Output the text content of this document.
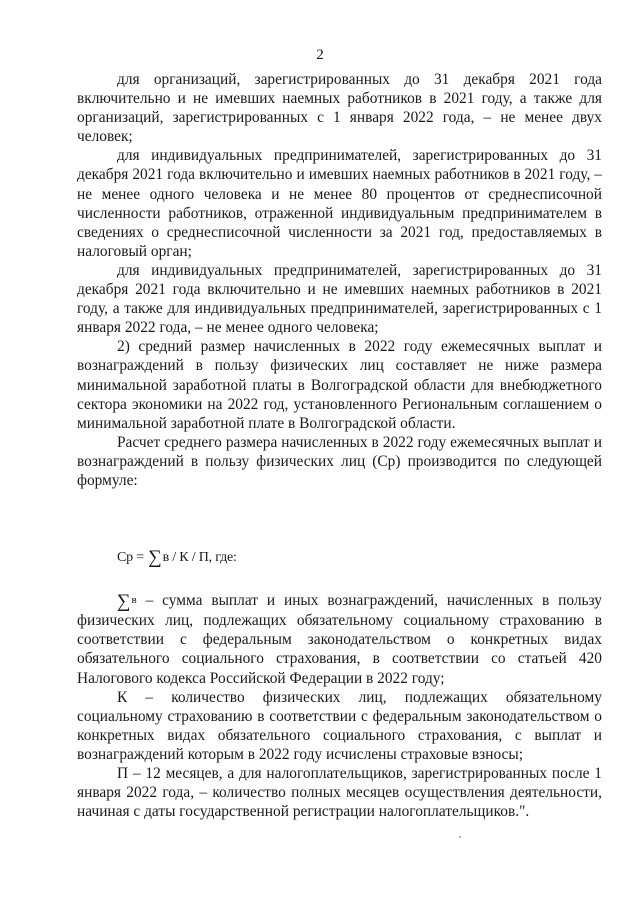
2

для организаций, зарегистрированных до 31 декабря 2021 года включительно и не имевших наемных работников в 2021 году, а также для организаций, зарегистрированных с 1 января 2022 года, – не менее двух человек;

для индивидуальных предпринимателей, зарегистрированных до 31 декабря 2021 года включительно и имевших наемных работников в 2021 году, – не менее одного человека и не менее 80 процентов от среднесписочной численности работников, отраженной индивидуальным предпринимателем в сведениях о среднесписочной численности за 2021 год, предоставляемых в налоговый орган;

для индивидуальных предпринимателей, зарегистрированных до 31 декабря 2021 года включительно и не имевших наемных работников в 2021 году, а также для индивидуальных предпринимателей, зарегистрированных с 1 января 2022 года, – не менее одного человека;

2) средний размер начисленных в 2022 году ежемесячных выплат и вознаграждений в пользу физических лиц составляет не ниже размера минимальной заработной платы в Волгоградской области для внебюджетного сектора экономики на 2022 год, установленного Региональным соглашением о минимальной заработной плате в Волгоградской области.

Расчет среднего размера начисленных в 2022 году ежемесячных выплат и вознаграждений в пользу физических лиц (Ср) производится по следующей формуле:

Ср = ∑в / К / П, где:

∑в – сумма выплат и иных вознаграждений, начисленных в пользу физических лиц, подлежащих обязательному социальному страхованию в соответствии с федеральным законодательством о конкретных видах обязательного социального страхования, в соответствии со статьей 420 Налогового кодекса Российской Федерации в 2022 году;

К – количество физических лиц, подлежащих обязательному социальному страхованию в соответствии с федеральным законодательством о конкретных видах обязательного социального страхования, с выплат и вознаграждений которым в 2022 году исчислены страховые взносы;

П – 12 месяцев, а для налогоплательщиков, зарегистрированных после 1 января 2022 года, – количество полных месяцев осуществления деятельности, начиная с даты государственной регистрации налогоплательщиков.".
